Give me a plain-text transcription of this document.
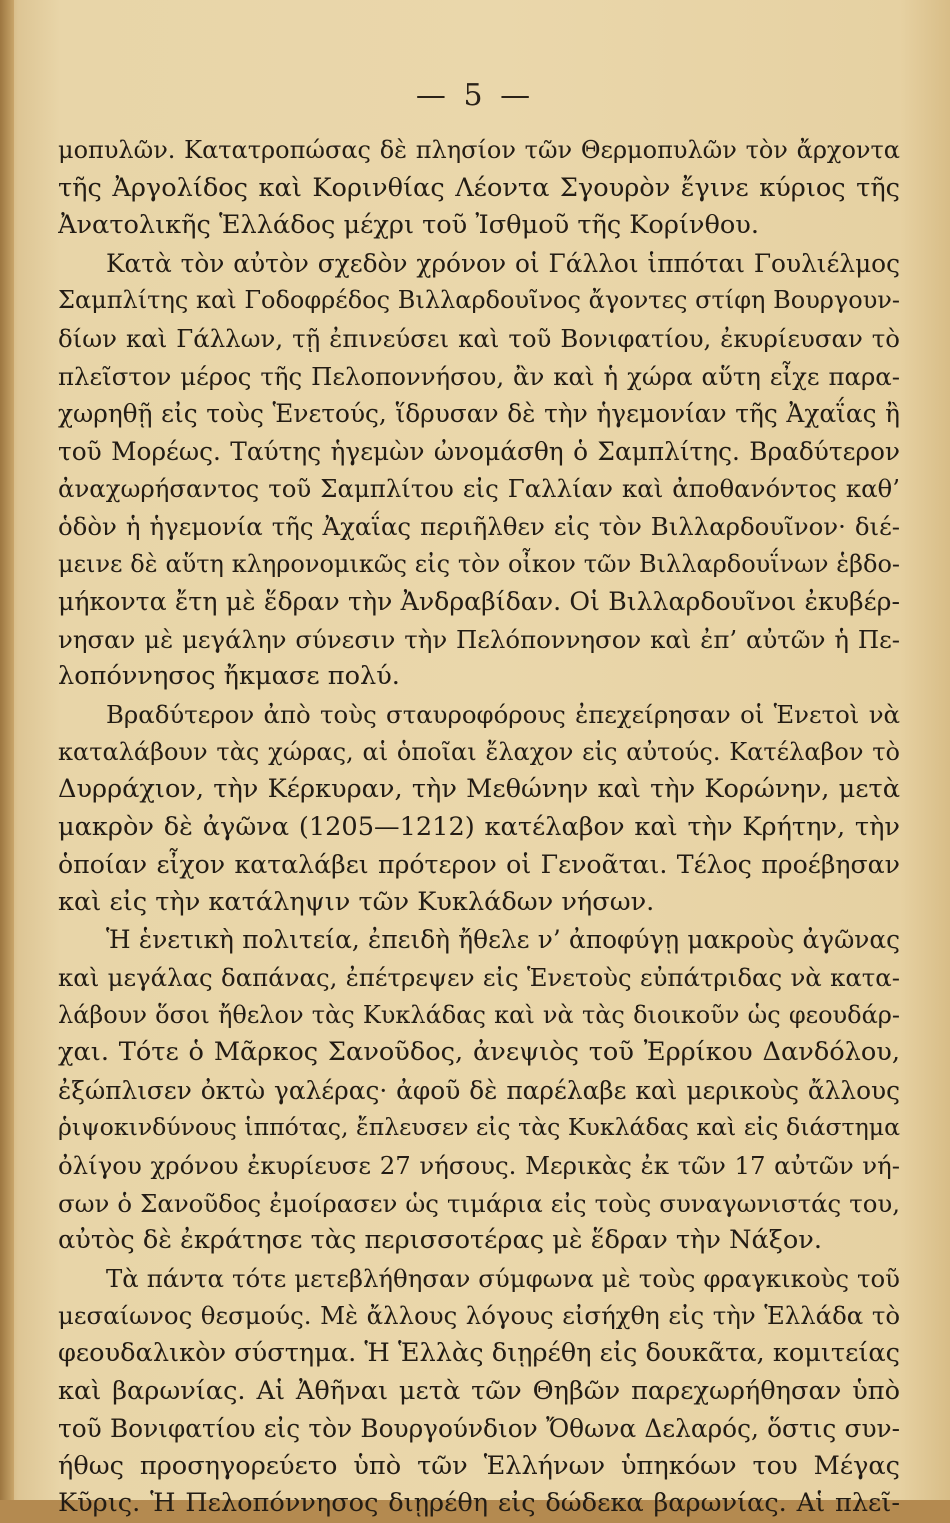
— 5 —
μοπυλῶν. Κατατροπώσας δὲ πλησίον τῶν Θερμοπυλῶν τὸν ἄρχοντα
τῆς Ἀργολίδος καὶ Κορινθίας Λέοντα Σγουρὸν ἔγινε κύριος τῆς
Ἀνατολικῆς Ἑλλάδος μέχρι τοῦ Ἰσθμοῦ τῆς Κορίνθου.
Κατὰ τὸν αὐτὸν σχεδὸν χρόνον οἱ Γάλλοι ἱππόται Γουλιέλμος
Σαμπλίτης καὶ Γοδοφρέδος Βιλλαρδουῖνος ἄγοντες στίφη Βουργουν-
δίων καὶ Γάλλων, τῇ ἐπινεύσει καὶ τοῦ Βονιφατίου, ἐκυρίευσαν τὸ
πλεῖστον μέρος τῆς Πελοποννήσου, ἂν καὶ ἡ χώρα αὕτη εἶχε παρα-
χωρηθῇ εἰς τοὺς Ἑνετούς, ἵδρυσαν δὲ τὴν ἡγεμονίαν τῆς Ἀχαΐας ἢ
τοῦ Μορέως. Ταύτης ἡγεμὼν ὠνομάσθη ὁ Σαμπλίτης. Βραδύτερον
ἀναχωρήσαντος τοῦ Σαμπλίτου εἰς Γαλλίαν καὶ ἀποθανόντος καθ’
ὁδὸν ἡ ἡγεμονία τῆς Ἀχαΐας περιῆλθεν εἰς τὸν Βιλλαρδουῖνον· διέ-
μεινε δὲ αὕτη κληρονομικῶς εἰς τὸν οἶκον τῶν Βιλλαρδουΐνων ἑβδο-
μήκοντα ἔτη μὲ ἕδραν τὴν Ἀνδραβίδαν. Οἱ Βιλλαρδουῖνοι ἐκυβέρ-
νησαν μὲ μεγάλην σύνεσιν τὴν Πελόποννησον καὶ ἐπ’ αὐτῶν ἡ Πε-
λοπόννησος ἤκμασε πολύ.
Βραδύτερον ἀπὸ τοὺς σταυροφόρους ἐπεχείρησαν οἱ Ἑνετοὶ νὰ
καταλάβουν τὰς χώρας, αἱ ὁποῖαι ἔλαχον εἰς αὐτούς. Κατέλαβον τὸ
Δυρράχιον, τὴν Κέρκυραν, τὴν Μεθώνην καὶ τὴν Κορώνην, μετὰ
μακρὸν δὲ ἀγῶνα (1205—1212) κατέλαβον καὶ τὴν Κρήτην, τὴν
ὁποίαν εἶχον καταλάβει πρότερον οἱ Γενοᾶται. Τέλος προέβησαν
καὶ εἰς τὴν κατάληψιν τῶν Κυκλάδων νήσων.
Ἡ ἑνετικὴ πολιτεία, ἐπειδὴ ἤθελε ν’ ἀποφύγῃ μακροὺς ἀγῶνας
καὶ μεγάλας δαπάνας, ἐπέτρεψεν εἰς Ἑνετοὺς εὐπάτριδας νὰ κατα-
λάβουν ὅσοι ἤθελον τὰς Κυκλάδας καὶ νὰ τὰς διοικοῦν ὡς φεουδάρ-
χαι. Τότε ὁ Μᾶρκος Σανοῦδος, ἀνεψιὸς τοῦ Ἐρρίκου Δανδόλου,
ἐξώπλισεν ὀκτὼ γαλέρας· ἀφοῦ δὲ παρέλαβε καὶ μερικοὺς ἄλλους
ῥιψοκινδύνους ἱππότας, ἔπλευσεν εἰς τὰς Κυκλάδας καὶ εἰς διάστημα
ὀλίγου χρόνου ἐκυρίευσε 27 νήσους. Μερικὰς ἐκ τῶν 17 αὐτῶν νή-
σων ὁ Σανοῦδος ἐμοίρασεν ὡς τιμάρια εἰς τοὺς συναγωνιστάς του,
αὐτὸς δὲ ἐκράτησε τὰς περισσοτέρας μὲ ἕδραν τὴν Νάξον.
Τὰ πάντα τότε μετεβλήθησαν σύμφωνα μὲ τοὺς φραγκικοὺς τοῦ
μεσαίωνος θεσμούς. Μὲ ἄλλους λόγους εἰσήχθη εἰς τὴν Ἑλλάδα τὸ
φεουδαλικὸν σύστημα. Ἡ Ἑλλὰς διῃρέθη εἰς δουκᾶτα, κομιτείας
καὶ βαρωνίας. Αἱ Ἀθῆναι μετὰ τῶν Θηβῶν παρεχωρήθησαν ὑπὸ
τοῦ Βονιφατίου εἰς τὸν Βουργούνδιον Ὄθωνα Δελαρός, ὅστις συν-
ήθως προσηγορεύετο ὑπὸ τῶν Ἑλλήνων ὑπηκόων του Μέγας
Κῦρις. Ἡ Πελοπόννησος διῃρέθη εἰς δώδεκα βαρωνίας. Αἱ πλεῖ-
